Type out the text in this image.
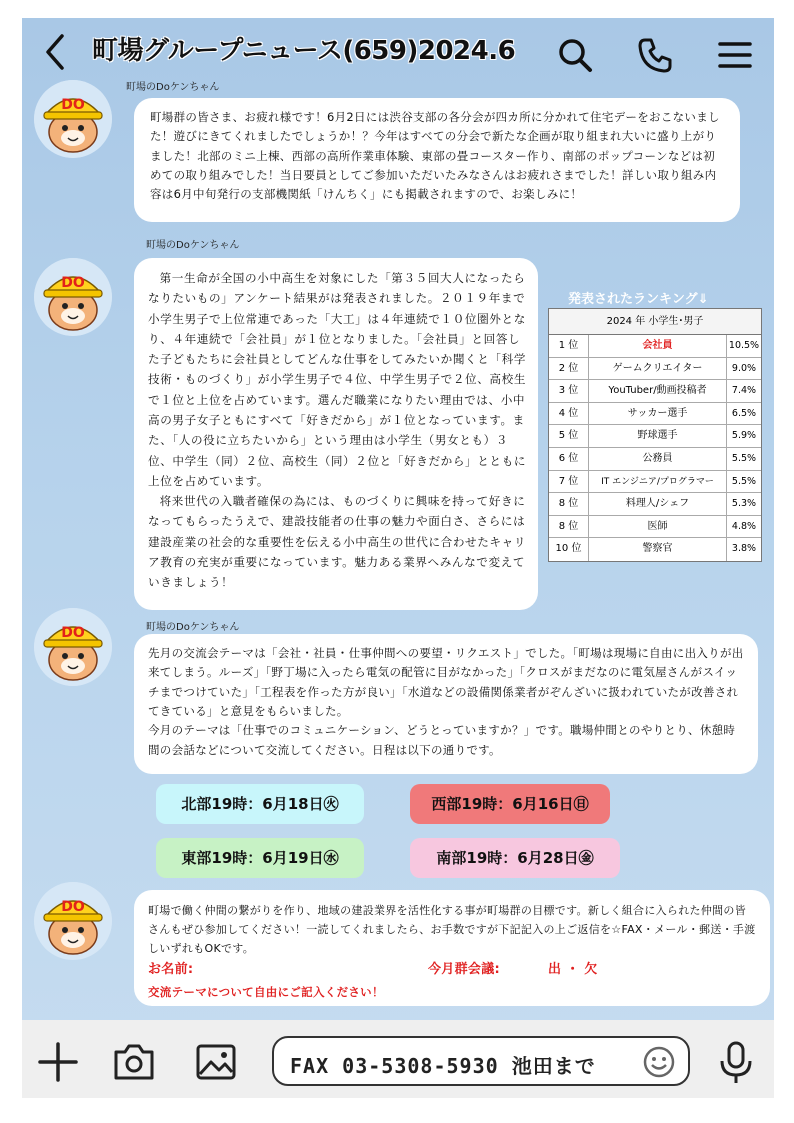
町場グループニュース(659)2024.6
町場のDoケンちゃん
DO

町場群の皆さま、お疲れ様です！6月2日には渋谷支部の各分会が四カ所に分かれて住宅デーをおこないました！遊びにきてくれましたでしょうか！？今年はすべての分会で新たな企画が取り組まれ大いに盛り上がりました！北部のミニ上棟、西部の高所作業車体験、東部の畳コースター作り、南部のポップコーンなどは初めての取り組みでした！当日要員としてご参加いただいたみなさんはお疲れさまでした！詳しい取り組み内容は6月中旬発行の支部機関紙「けんちく」にも掲載されますので、お楽しみに！

町場のDoケンちゃん
DO	第一生命が全国の小中高生を対象にした「第３５回大人になったらなりたいもの」アンケート結果がは発表されました。２０１９年まで小学生男子で上位常連であった「大工」は４年連続で１０位圏外となり、４年連続で「会社員」が１位となりました。「会社員」と回答した子どもたちに会社員としてどんな仕事をしてみたいか聞くと「科学技術・ものづくり」が小学生男子で４位、中学生男子で２位、高校生で１位と上位を占めています。選んだ職業になりたい理由では、小中高の男子女子ともにすべて「好きだから」が１位となっています。また、「人の役に立ちたいから」という理由は小学生（男女とも）３位、中学生（同）２位、高校生（同）２位と「好きだから」とともに上位を占めています。

将来世代の入職者確保の為には、ものづくりに興味を持って好きになってもらったうえで、建設技能者の仕事の魅力や面白さ、さらには建設産業の社会的な重要性を伝える小中高生の世代に合わせたキャリア教育の充実が重要になっています。魅力ある業界へみんなで変えていきましょう！

発表されたランキング⇓
2024 年 小学生･男子
1 位	会社員	10.5%
2 位	ゲームクリエイター	9.0%
3 位	YouTuber/動画投稿者	7.4%
4 位	サッカー選手	6.5%
5 位	野球選手	5.9%
6 位	公務員	5.5%
7 位	IT エンジニア/プログラマー	5.5%
8 位	料理人/シェフ	5.3%
8 位	医師	4.8%
10 位	警察官	3.8%
町場のDoケンちゃん
DO

先月の交流会テーマは「会社・社員・仕事仲間への要望・リクエスト」でした。「町場は現場に自由に出入りが出来てしまう。ルーズ」「野丁場に入ったら電気の配管に目がなかった」「クロスがまだなのに電気屋さんがスイッチまでつけていた」「工程表を作った方が良い」「水道などの設備関係業者がぞんざいに扱われていたが改善されてきている」と意見をもらいました。

今月のテーマは「仕事でのコミュニケーション、どうとっていますか？」です。職場仲間とのやりとり、休憩時間の会話などについて交流してください。日程は以下の通りです。

北部19時：6月18日㊋	西部19時：6月16日㊐
東部19時：6月19日㊌	南部19時：6月28日㊎
DO	町場で働く仲間の繋がりを作り、地域の建設業界を活性化する事が町場群の目標です。新しく組合に入られた仲間の皆さんもぜひ参加してください！一読してくれましたら、お手数ですが下記記入の上ご返信を☆FAX・メール・郵送・手渡しいずれもOKです。

お名前:	今月群会議:	出 ・ 欠

交流テーマについて自由にご記入ください！

FAX 03-5308-5930 池田まで
